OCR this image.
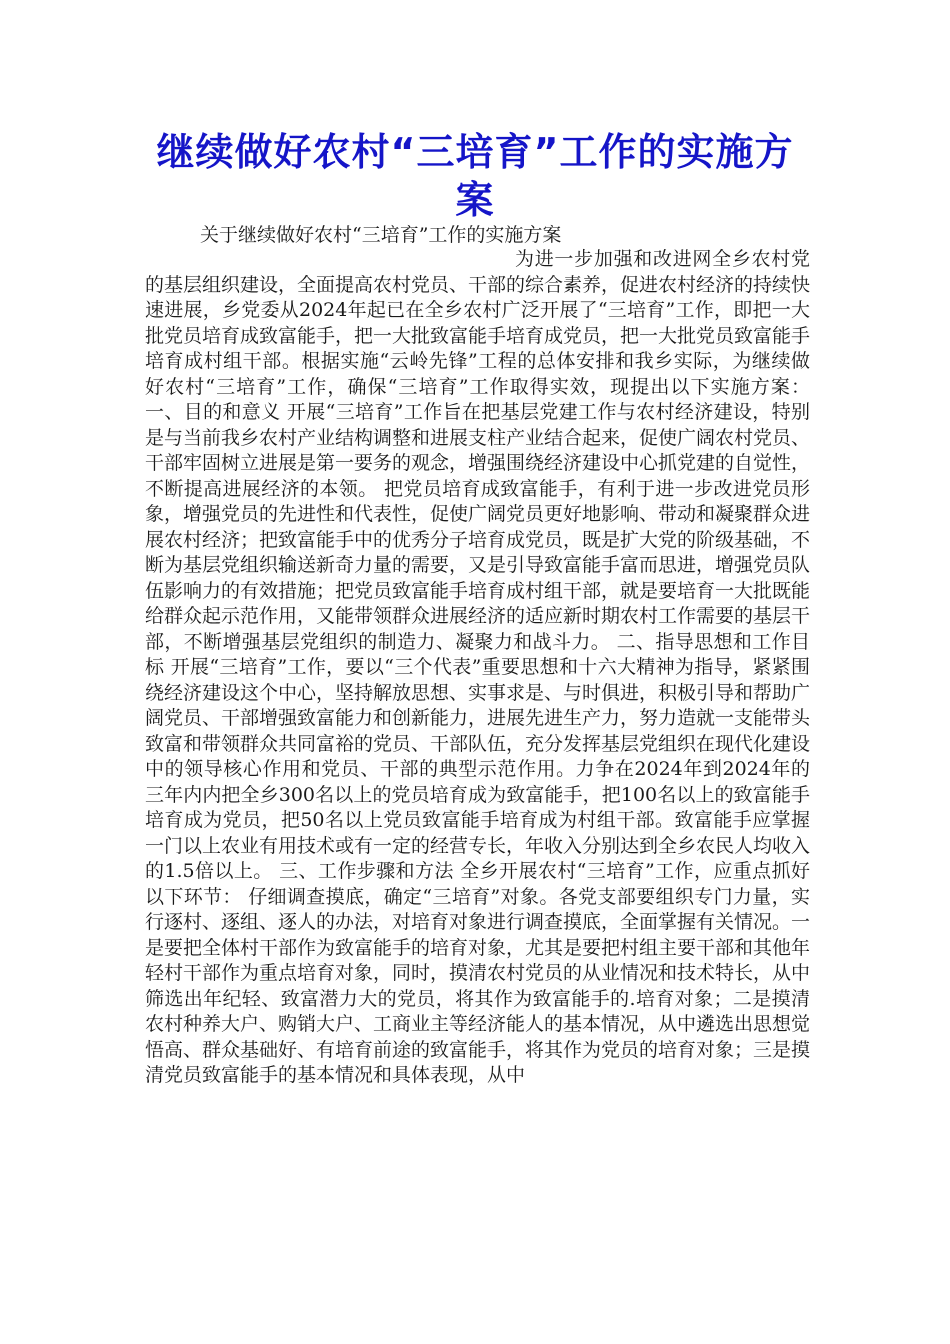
继续做好农村“三培育”工作的实施方案

关于继续做好农村“三培育”工作的实施方案

为进一步加强和改进网全乡农村党的基层组织建设，全面提高农村党员、干部的综合素养，促进农村经济的持续快速进展，乡党委从2024年起已在全乡农村广泛开展了“三培育”工作，即把一大批党员培育成致富能手，把一大批致富能手培育成党员，把一大批党员致富能手培育成村组干部。根据实施“云岭先锋”工程的总体安排和我乡实际，为继续做好农村“三培育”工作，确保“三培育”工作取得实效，现提出以下实施方案： 一、目的和意义 开展“三培育”工作旨在把基层党建工作与农村经济建设，特别是与当前我乡农村产业结构调整和进展支柱产业结合起来，促使广阔农村党员、干部牢固树立进展是第一要务的观念，增强围绕经济建设中心抓党建的自觉性，不断提高进展经济的本领。 把党员培育成致富能手，有利于进一步改进党员形象，增强党员的先进性和代表性，促使广阔党员更好地影响、带动和凝聚群众进展农村经济；把致富能手中的优秀分子培育成党员，既是扩大党的阶级基础，不断为基层党组织输送新奇力量的需要，又是引导致富能手富而思进，增强党员队伍影响力的有效措施；把党员致富能手培育成村组干部，就是要培育一大批既能给群众起示范作用，又能带领群众进展经济的适应新时期农村工作需要的基层干部，不断增强基层党组织的制造力、凝聚力和战斗力。 二、指导思想和工作目标 开展“三培育”工作，要以“三个代表”重要思想和十六大精神为指导，紧紧围绕经济建设这个中心，坚持解放思想、实事求是、与时俱进，积极引导和帮助广阔党员、干部增强致富能力和创新能力，进展先进生产力，努力造就一支能带头致富和带领群众共同富裕的党员、干部队伍，充分发挥基层党组织在现代化建设中的领导核心作用和党员、干部的典型示范作用。力争在2024年到2024年的三年内内把全乡300名以上的党员培育成为致富能手，把100名以上的致富能手培育成为党员，把50名以上党员致富能手培育成为村组干部。致富能手应掌握一门以上农业有用技术或有一定的经营专长，年收入分别达到全乡农民人均收入的1.5倍以上。 三、工作步骤和方法 全乡开展农村“三培育”工作，应重点抓好以下环节： 仔细调查摸底，确定“三培育”对象。各党支部要组织专门力量，实行逐村、逐组、逐人的办法，对培育对象进行调查摸底，全面掌握有关情况。一是要把全体村干部作为致富能手的培育对象，尤其是要把村组主要干部和其他年轻村干部作为重点培育对象，同时，摸清农村党员的从业情况和技术特长，从中筛选出年纪轻、致富潜力大的党员，将其作为致富能手的.培育对象；二是摸清农村种养大户、购销大户、工商业主等经济能人的基本情况，从中遴选出思想觉悟高、群众基础好、有培育前途的致富能手，将其作为党员的培育对象；三是摸清党员致富能手的基本情况和具体表现，从中
